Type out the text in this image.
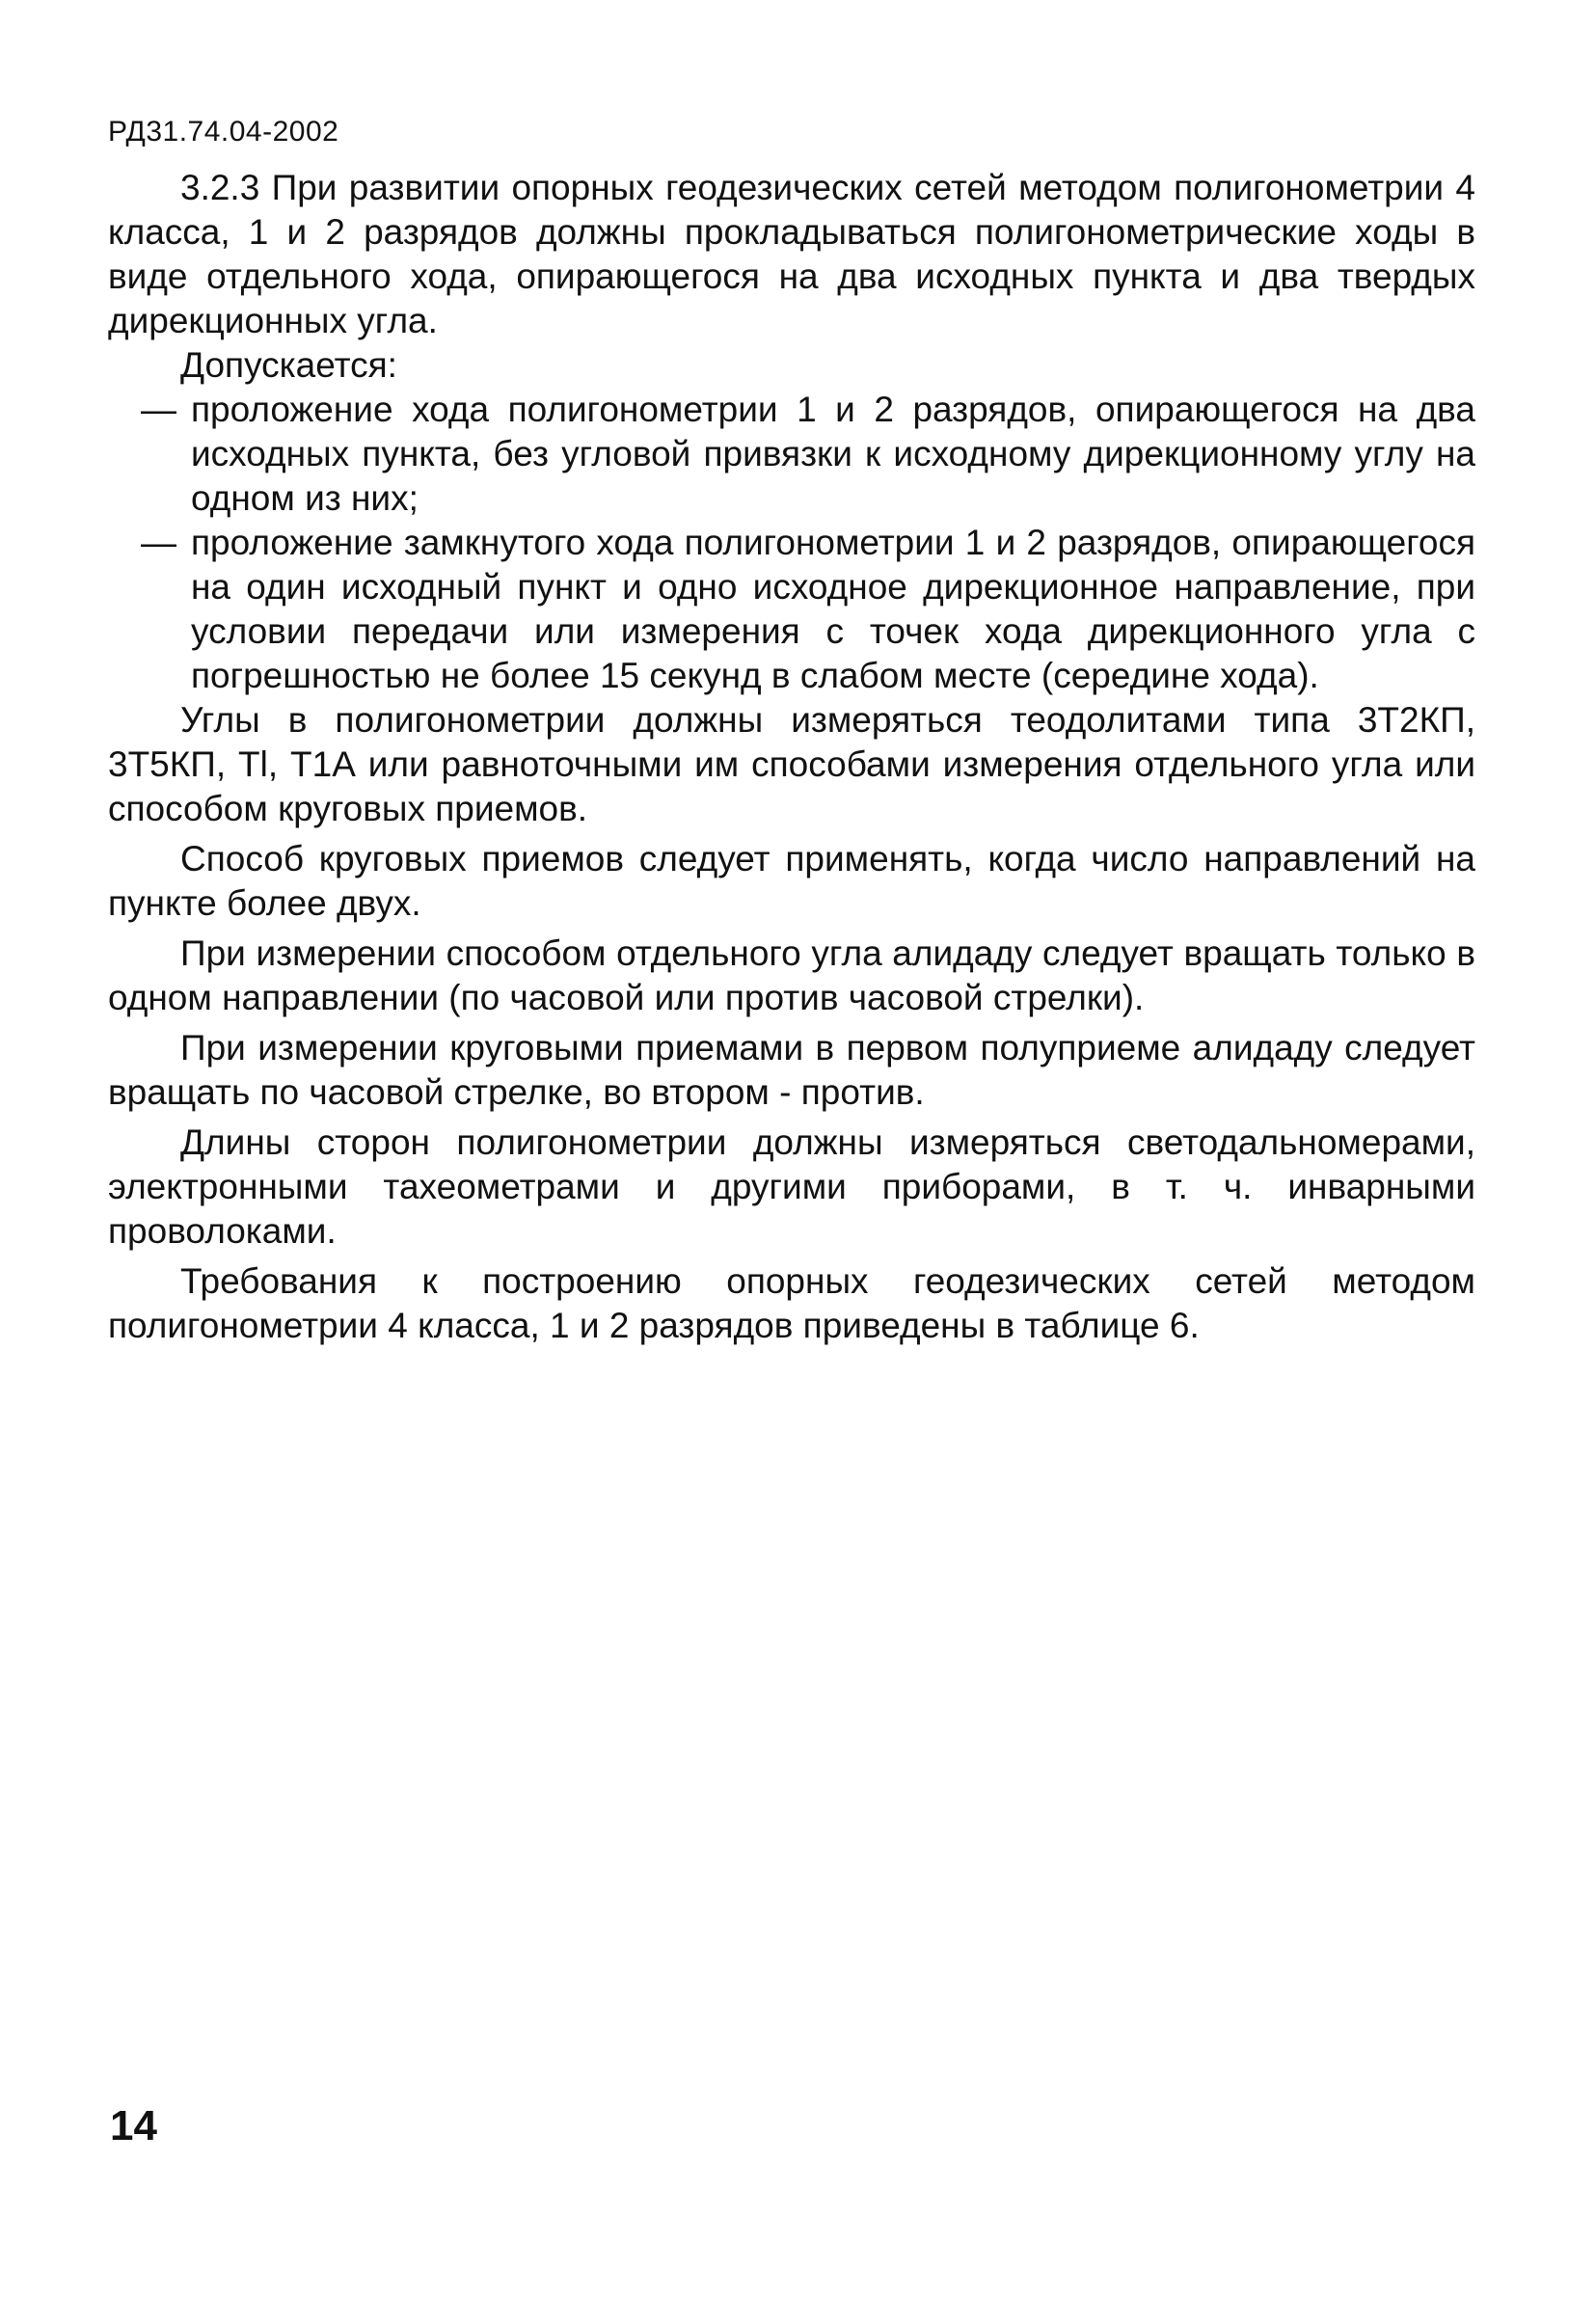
РД31.74.04-2002

3.2.3 При развитии опорных геодезических сетей методом полигонометрии 4 класса, 1 и 2 разрядов должны прокладываться полигонометрические ходы в виде отдельного хода, опирающегося на два исходных пункта и два твердых дирекционных угла.

Допускается:

— проложение хода полигонометрии 1 и 2 разрядов, опирающегося на два исходных пункта, без угловой привязки к исходному дирекционному углу на одном из них;
— проложение замкнутого хода полигонометрии 1 и 2 разрядов, опирающегося на один исходный пункт и одно исходное дирекционное направление, при условии передачи или измерения с точек хода дирекционного угла с погрешностью не более 15 секунд в слабом месте (середине хода).

Углы в полигонометрии должны измеряться теодолитами типа 3Т2КП, 3Т5КП, Tl, Т1А или равноточными им способами измерения отдельного угла или способом круговых приемов.

Способ круговых приемов следует применять, когда число направлений на пункте более двух.

При измерении способом отдельного угла алидаду следует вращать только в одном направлении (по часовой или против часовой стрелки).

При измерении круговыми приемами в первом полуприеме алидаду следует вращать по часовой стрелке, во втором - против.

Длины сторон полигонометрии должны измеряться светодальномерами, электронными тахеометрами и другими приборами, в т. ч. инварными проволоками.

Требования к построению опорных геодезических сетей методом полигонометрии 4 класса, 1 и 2 разрядов приведены в таблице 6.

14
